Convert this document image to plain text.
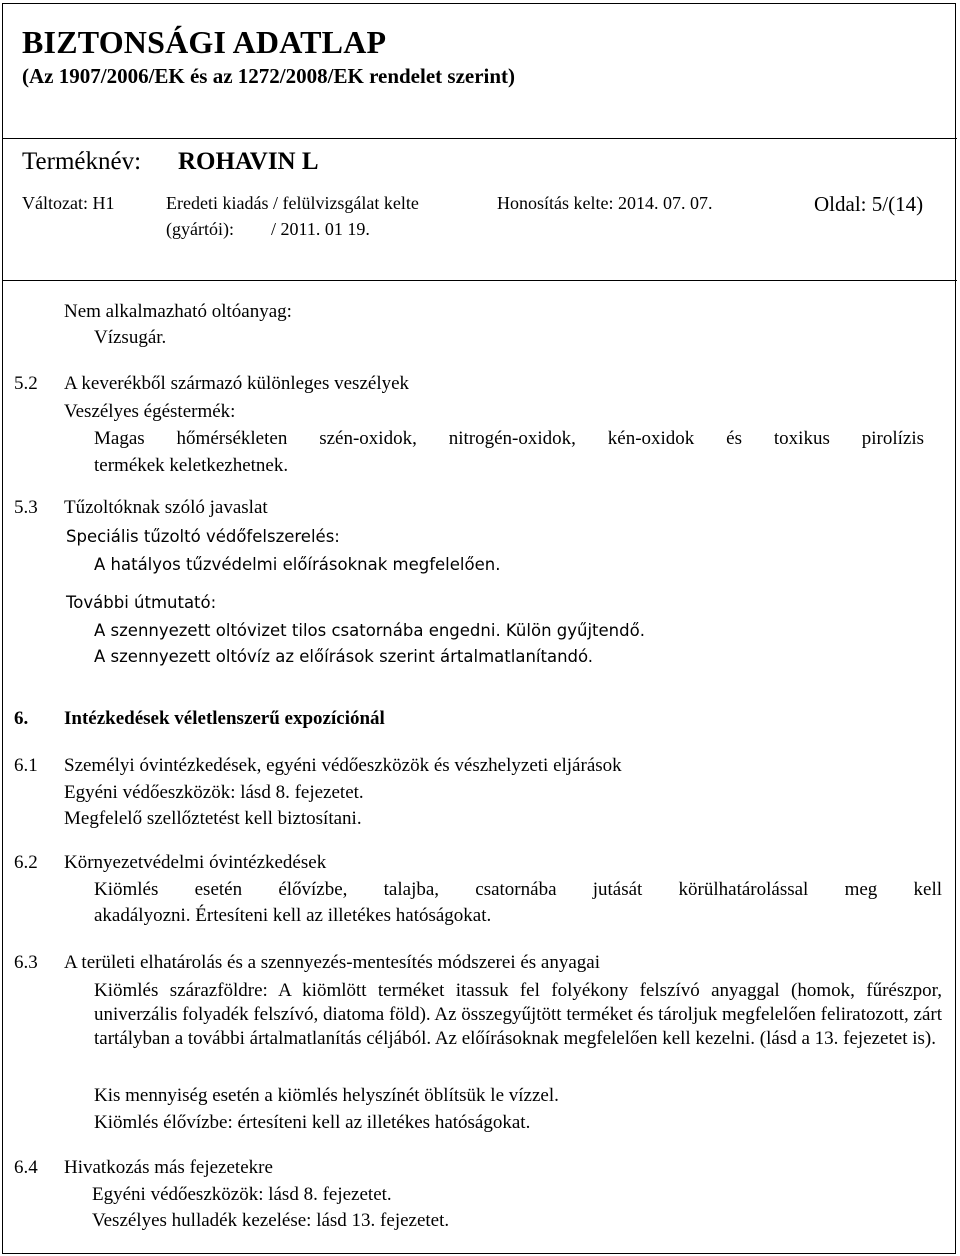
BIZTONSÁGI ADATLAP
(Az 1907/2006/EK és az 1272/2008/EK rendelet szerint)
Terméknév: ROHAVIN L
Változat: H1	Eredeti kiadás / felülvizsgálat kelte
(gyártói): / 2011. 01 19.
Honosítás kelte: 2014. 07. 07.	Oldal: 5/(14)
Nem alkalmazható oltóanyag:
Vízsugár.
5.2 A keverékből származó különleges veszélyek
Veszélyes égéstermék:
Magas hőmérsékleten szén-oxidok, nitrogén-oxidok, kén-oxidok és toxikus pirolízis
termékek keletkezhetnek.
5.3 Tűzoltóknak szóló javaslat
Speciális tűzoltó védőfelszerelés:
A hatályos tűzvédelmi előírásoknak megfelelően.
További útmutató:
A szennyezett oltóvizet tilos csatornába engedni. Külön gyűjtendő.
A szennyezett oltóvíz az előírások szerint ártalmatlanítandó.
6. Intézkedések véletlenszerű expozíciónál
6.1 Személyi óvintézkedések, egyéni védőeszközök és vészhelyzeti eljárások
Egyéni védőeszközök: lásd 8. fejezetet.
Megfelelő szellőztetést kell biztosítani.
6.2 Környezetvédelmi óvintézkedések
Kiömlés esetén élővízbe, talajba, csatornába jutását körülhatárolással meg kell
akadályozni. Értesíteni kell az illetékes hatóságokat.
6.3 A területi elhatárolás és a szennyezés-mentesítés módszerei és anyagai
Kiömlés szárazföldre: A kiömlött terméket itassuk fel folyékony felszívó anyaggal (homok, fűrészpor, univerzális folyadék felszívó, diatoma föld). Az összegyűjtött terméket és tároljuk megfelelően feliratozott, zárt tartályban a további ártalmatlanítás céljából. Az előírásoknak megfelelően kell kezelni. (lásd a 13. fejezetet is).
Kis mennyiség esetén a kiömlés helyszínét öblítsük le vízzel.
Kiömlés élővízbe: értesíteni kell az illetékes hatóságokat.
6.4 Hivatkozás más fejezetekre
Egyéni védőeszközök: lásd 8. fejezetet.
Veszélyes hulladék kezelése: lásd 13. fejezetet.
